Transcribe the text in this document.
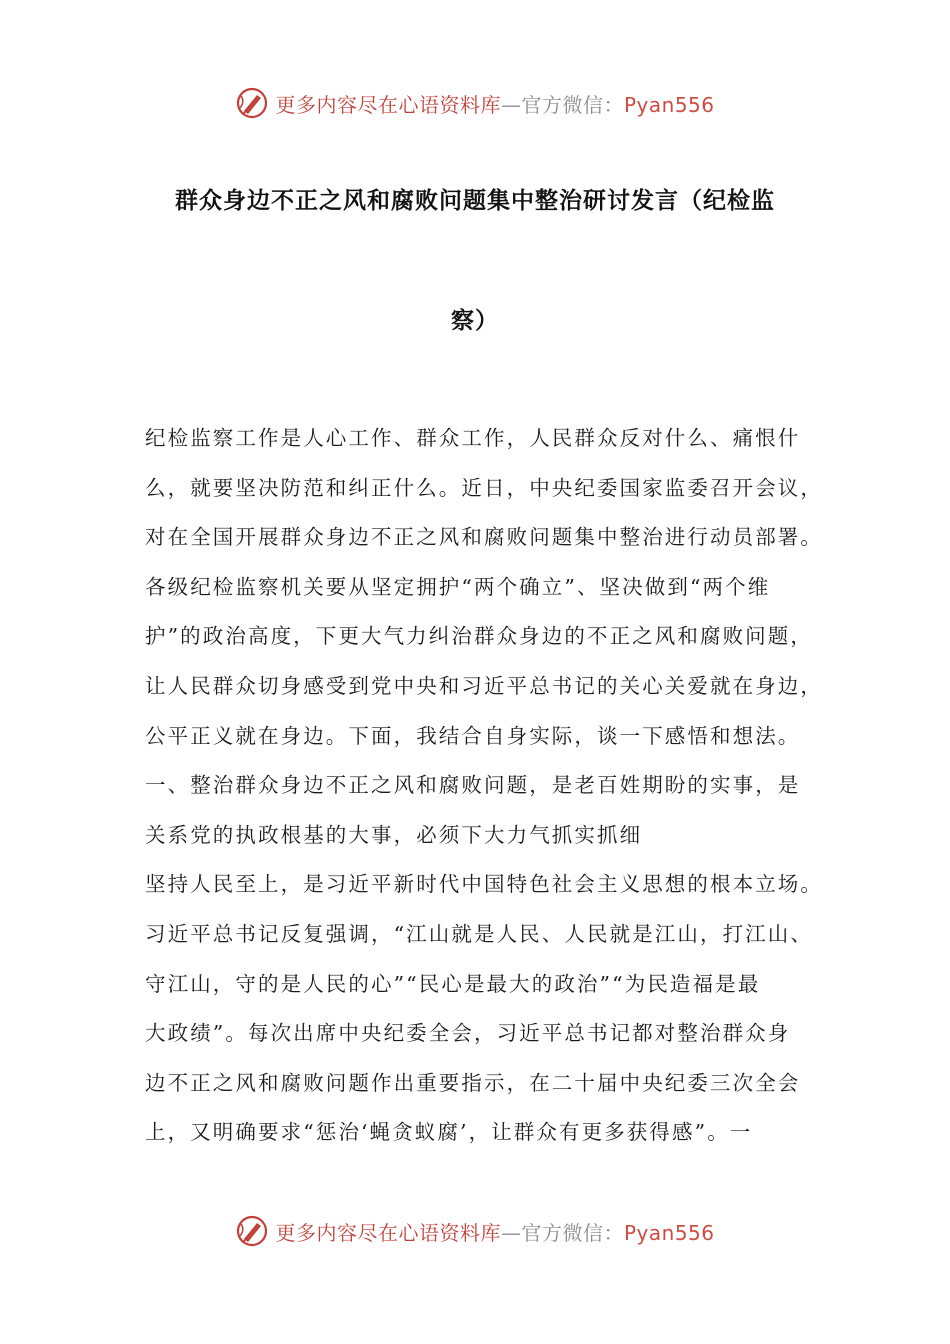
更多内容尽在心语资料库—官方微信：Pyan556
群众身边不正之风和腐败问题集中整治研讨发言（纪检监
察）
纪检监察工作是人心工作、群众工作，人民群众反对什么、痛恨什
么，就要坚决防范和纠正什么。近日，中央纪委国家监委召开会议，
对在全国开展群众身边不正之风和腐败问题集中整治进行动员部署。
各级纪检监察机关要从坚定拥护“两个确立”、坚决做到“两个维
护”的政治高度，下更大气力纠治群众身边的不正之风和腐败问题，
让人民群众切身感受到党中央和习近平总书记的关心关爱就在身边，
公平正义就在身边。下面，我结合自身实际，谈一下感悟和想法。
一、整治群众身边不正之风和腐败问题，是老百姓期盼的实事，是
关系党的执政根基的大事，必须下大力气抓实抓细
坚持人民至上，是习近平新时代中国特色社会主义思想的根本立场。
习近平总书记反复强调，“江山就是人民、人民就是江山，打江山、
守江山，守的是人民的心”“民心是最大的政治”“为民造福是最
大政绩”。每次出席中央纪委全会，习近平总书记都对整治群众身
边不正之风和腐败问题作出重要指示，在二十届中央纪委三次全会
上，又明确要求“惩治‘蝇贪蚁腐’，让群众有更多获得感”。一
更多内容尽在心语资料库—官方微信：Pyan556
